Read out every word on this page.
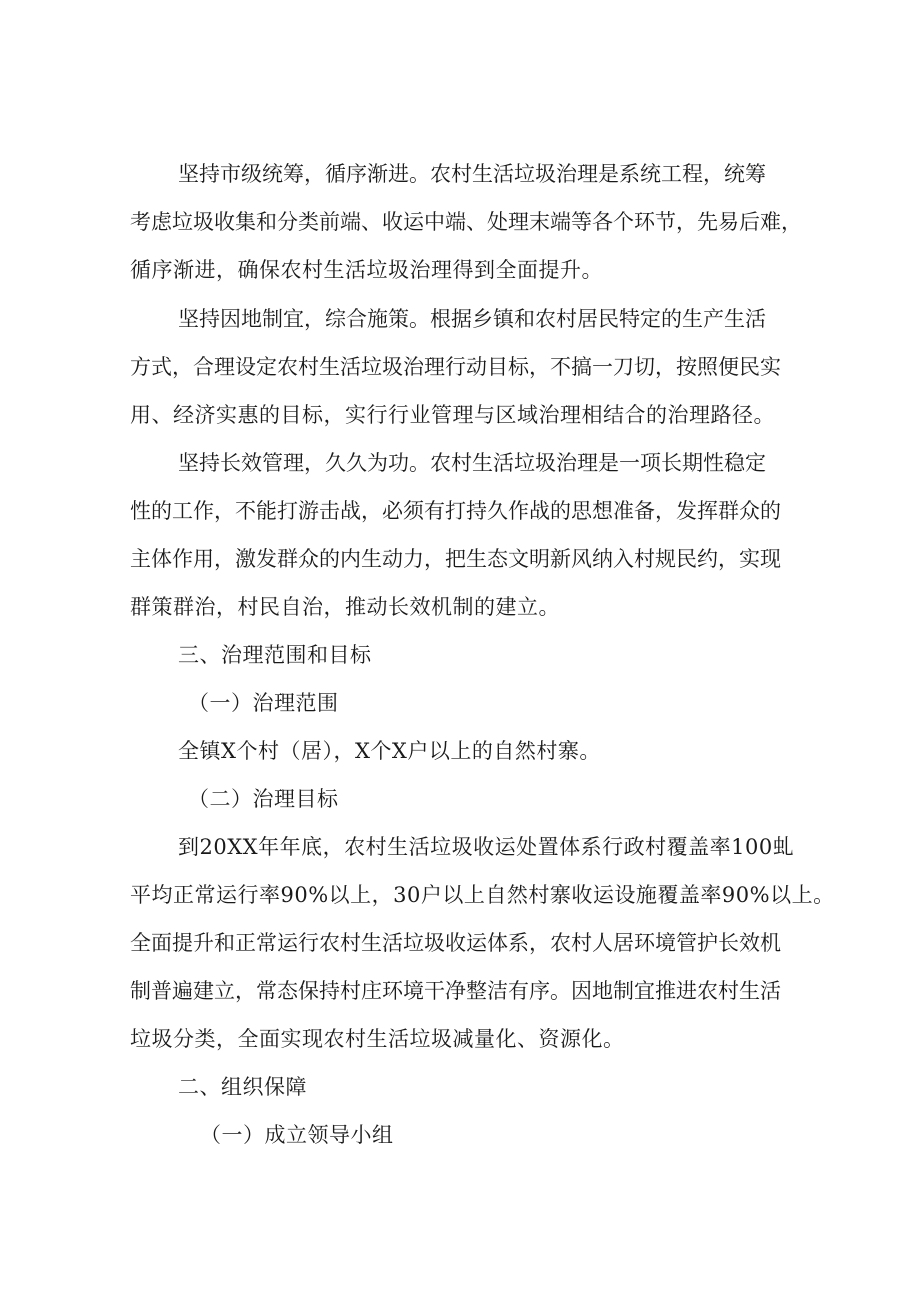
坚持市级统筹，循序渐进。农村生活垃圾治理是系统工程，统筹
考虑垃圾收集和分类前端、收运中端、处理末端等各个环节，先易后难，
循序渐进，确保农村生活垃圾治理得到全面提升。
坚持因地制宜，综合施策。根据乡镇和农村居民特定的生产生活
方式，合理设定农村生活垃圾治理行动目标，不搞一刀切，按照便民实
用、经济实惠的目标，实行行业管理与区域治理相结合的治理路径。
坚持长效管理，久久为功。农村生活垃圾治理是一项长期性稳定
性的工作，不能打游击战，必须有打持久作战的思想准备，发挥群众的
主体作用，激发群众的内生动力，把生态文明新风纳入村规民约，实现
群策群治，村民自治，推动长效机制的建立。
三、治理范围和目标
（一）治理范围
全镇X个村（居），X个X户以上的自然村寨。
（二）治理目标
到20XX年年底，农村生活垃圾收运处置体系行政村覆盖率100虬
平均正常运行率90%以上，30户以上自然村寨收运设施覆盖率90%以上。
全面提升和正常运行农村生活垃圾收运体系，农村人居环境管护长效机
制普遍建立，常态保持村庄环境干净整洁有序。因地制宜推进农村生活
垃圾分类，全面实现农村生活垃圾减量化、资源化。
二、组织保障
（一）成立领导小组
